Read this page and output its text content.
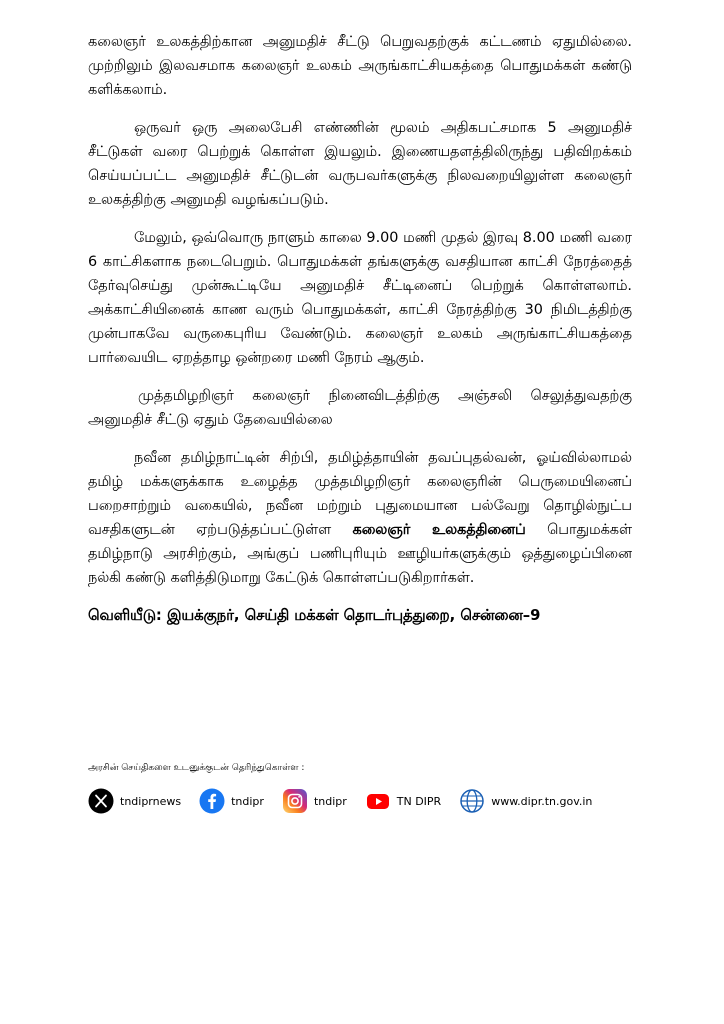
கலைஞர் உலகத்திற்கான அனுமதிச் சீட்டு பெறுவதற்குக் கட்டணம் ஏதுமில்லை. முற்றிலும் இலவசமாக கலைஞர் உலகம் அருங்காட்சியகத்தை பொதுமக்கள் கண்டு களிக்கலாம்.

ஒருவர் ஒரு அலைபேசி எண்ணின் மூலம் அதிகபட்சமாக 5 அனுமதிச் சீட்டுகள் வரை பெற்றுக் கொள்ள இயலும். இணையதளத்திலிருந்து பதிவிறக்கம் செய்யப்பட்ட அனுமதிச் சீட்டுடன் வருபவர்களுக்கு நிலவறையிலுள்ள கலைஞர் உலகத்திற்கு அனுமதி வழங்கப்படும்.

மேலும், ஒவ்வொரு நாளும் காலை 9.00 மணி முதல் இரவு 8.00 மணி வரை 6 காட்சிகளாக நடைபெறும். பொதுமக்கள் தங்களுக்கு வசதியான காட்சி நேரத்தைத் தேர்வுசெய்து முன்கூட்டியே அனுமதிச் சீட்டினைப் பெற்றுக் கொள்ளலாம். அக்காட்சியினைக் காண வரும் பொதுமக்கள், காட்சி நேரத்திற்கு 30 நிமிடத்திற்கு முன்பாகவே வருகைபுரிய வேண்டும். கலைஞர் உலகம் அருங்காட்சியகத்தை பார்வையிட ஏறத்தாழ ஒன்றரை மணி நேரம் ஆகும்.

முத்தமிழறிஞர் கலைஞர் நினைவிடத்திற்கு அஞ்சலி செலுத்துவதற்கு அனுமதிச் சீட்டு ஏதும் தேவையில்லை

நவீன தமிழ்நாட்டின் சிற்பி, தமிழ்த்தாயின் தவப்புதல்வன், ஓய்வில்லாமல் தமிழ் மக்களுக்காக உழைத்த முத்தமிழறிஞர் கலைஞரின் பெருமையினைப் பறைசாற்றும் வகையில், நவீன மற்றும் புதுமையான பல்வேறு தொழில்நுட்ப வசதிகளுடன் ஏற்படுத்தப்பட்டுள்ள கலைஞர் உலகத்தினைப் பொதுமக்கள் தமிழ்நாடு அரசிற்கும், அங்குப் பணிபுரியும் ஊழியர்களுக்கும் ஒத்துழைப்பினை நல்கி கண்டு களித்திடுமாறு கேட்டுக் கொள்ளப்படுகிறார்கள்.

வெளியீடு: இயக்குநர், செய்தி மக்கள் தொடர்புத்துறை, சென்னை–9

அரசின் செய்திகளை உடனுக்குடன் தெரிந்துகொள்ள :
tndiprnews	tndipr	tndipr	TN DIPR	www.dipr.tn.gov.in
